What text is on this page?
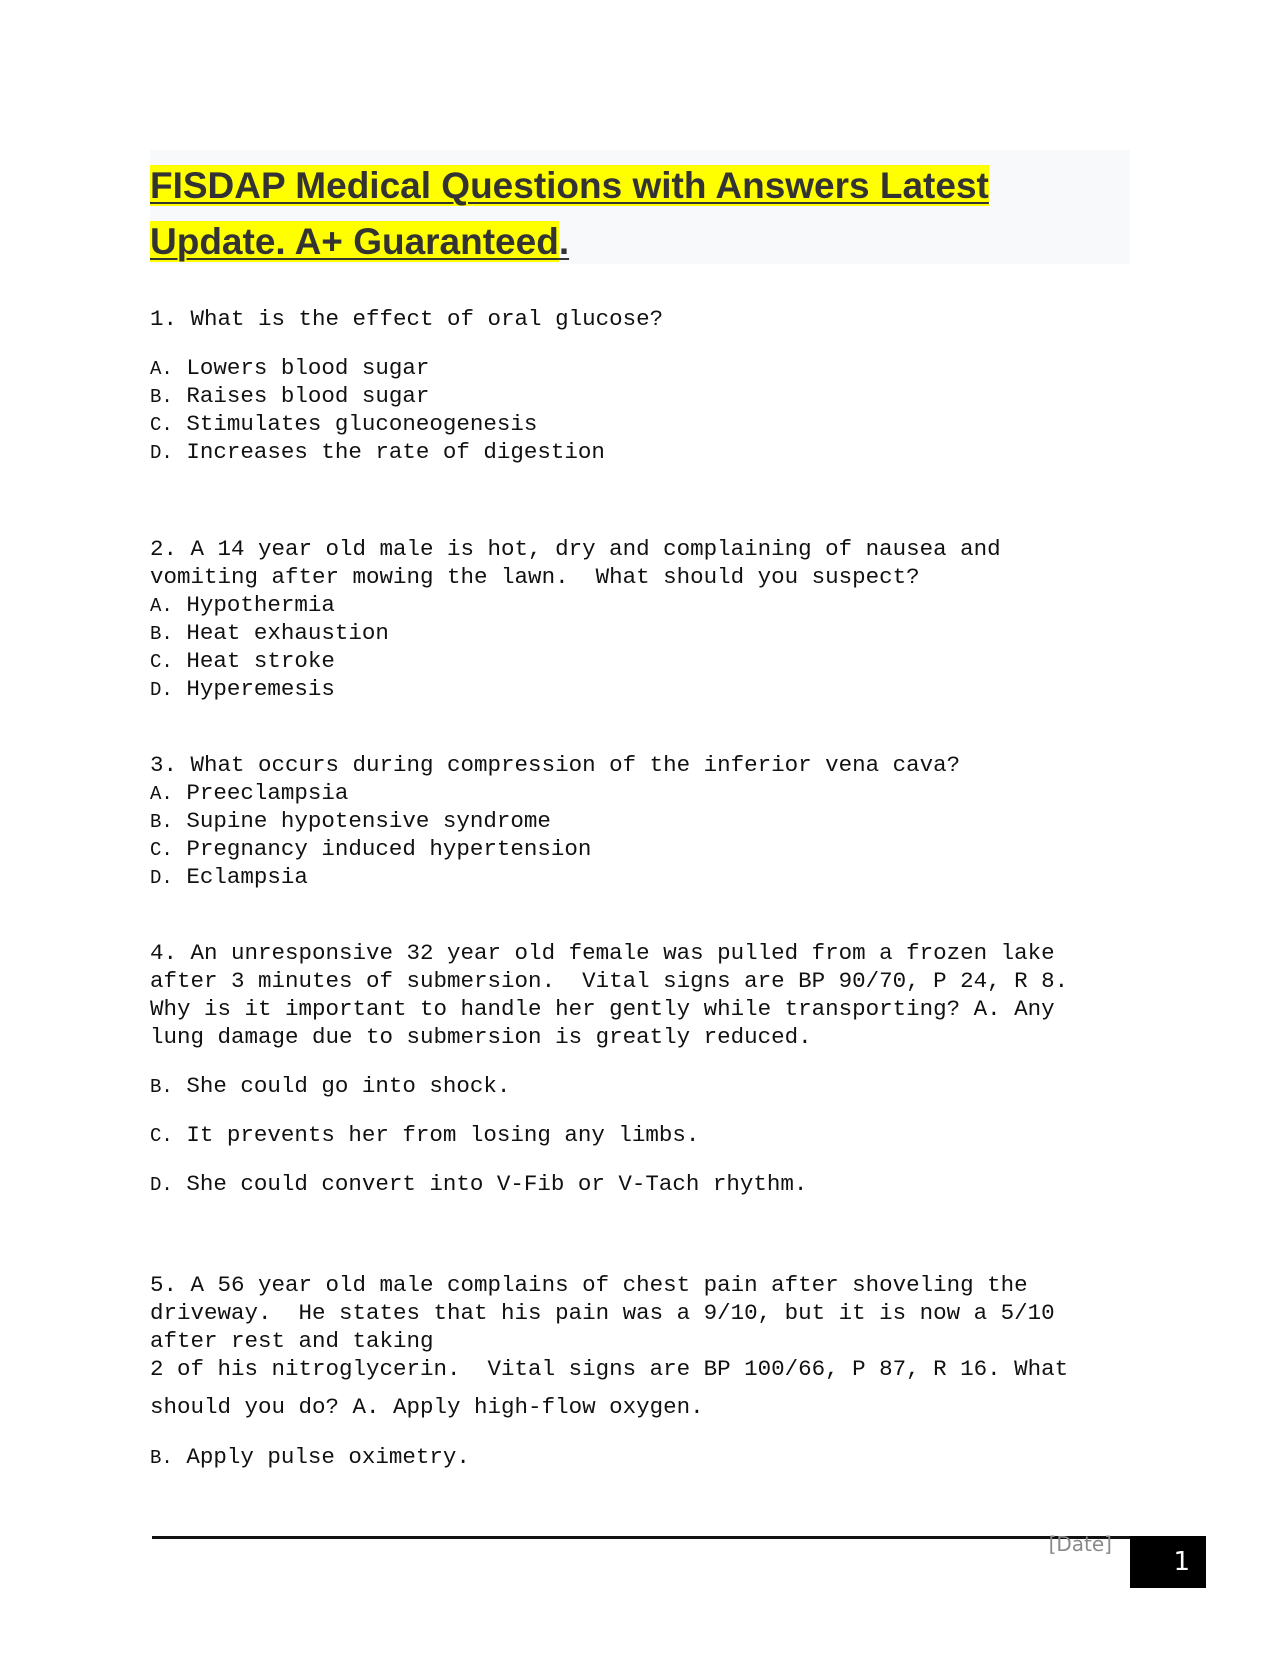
FISDAP Medical Questions with Answers Latest
Update. A+ Guaranteed.
1. What is the effect of oral glucose?
A. Lowers blood sugar
B. Raises blood sugar
C. Stimulates gluconeogenesis
D. Increases the rate of digestion
2. A 14 year old male is hot, dry and complaining of nausea and
vomiting after mowing the lawn.  What should you suspect?
A. Hypothermia
B. Heat exhaustion
C. Heat stroke
D. Hyperemesis
3. What occurs during compression of the inferior vena cava?
A. Preeclampsia
B. Supine hypotensive syndrome
C. Pregnancy induced hypertension
D. Eclampsia
4. An unresponsive 32 year old female was pulled from a frozen lake
after 3 minutes of submersion.  Vital signs are BP 90/70, P 24, R 8.
Why is it important to handle her gently while transporting? A. Any
lung damage due to submersion is greatly reduced.
B. She could go into shock.
C. It prevents her from losing any limbs.
D. She could convert into V-Fib or V-Tach rhythm.
5. A 56 year old male complains of chest pain after shoveling the
driveway.  He states that his pain was a 9/10, but it is now a 5/10
after rest and taking
2 of his nitroglycerin.  Vital signs are BP 100/66, P 87, R 16. What
should you do? A. Apply high-flow oxygen.
B. Apply pulse oximetry.
[Date]
1
